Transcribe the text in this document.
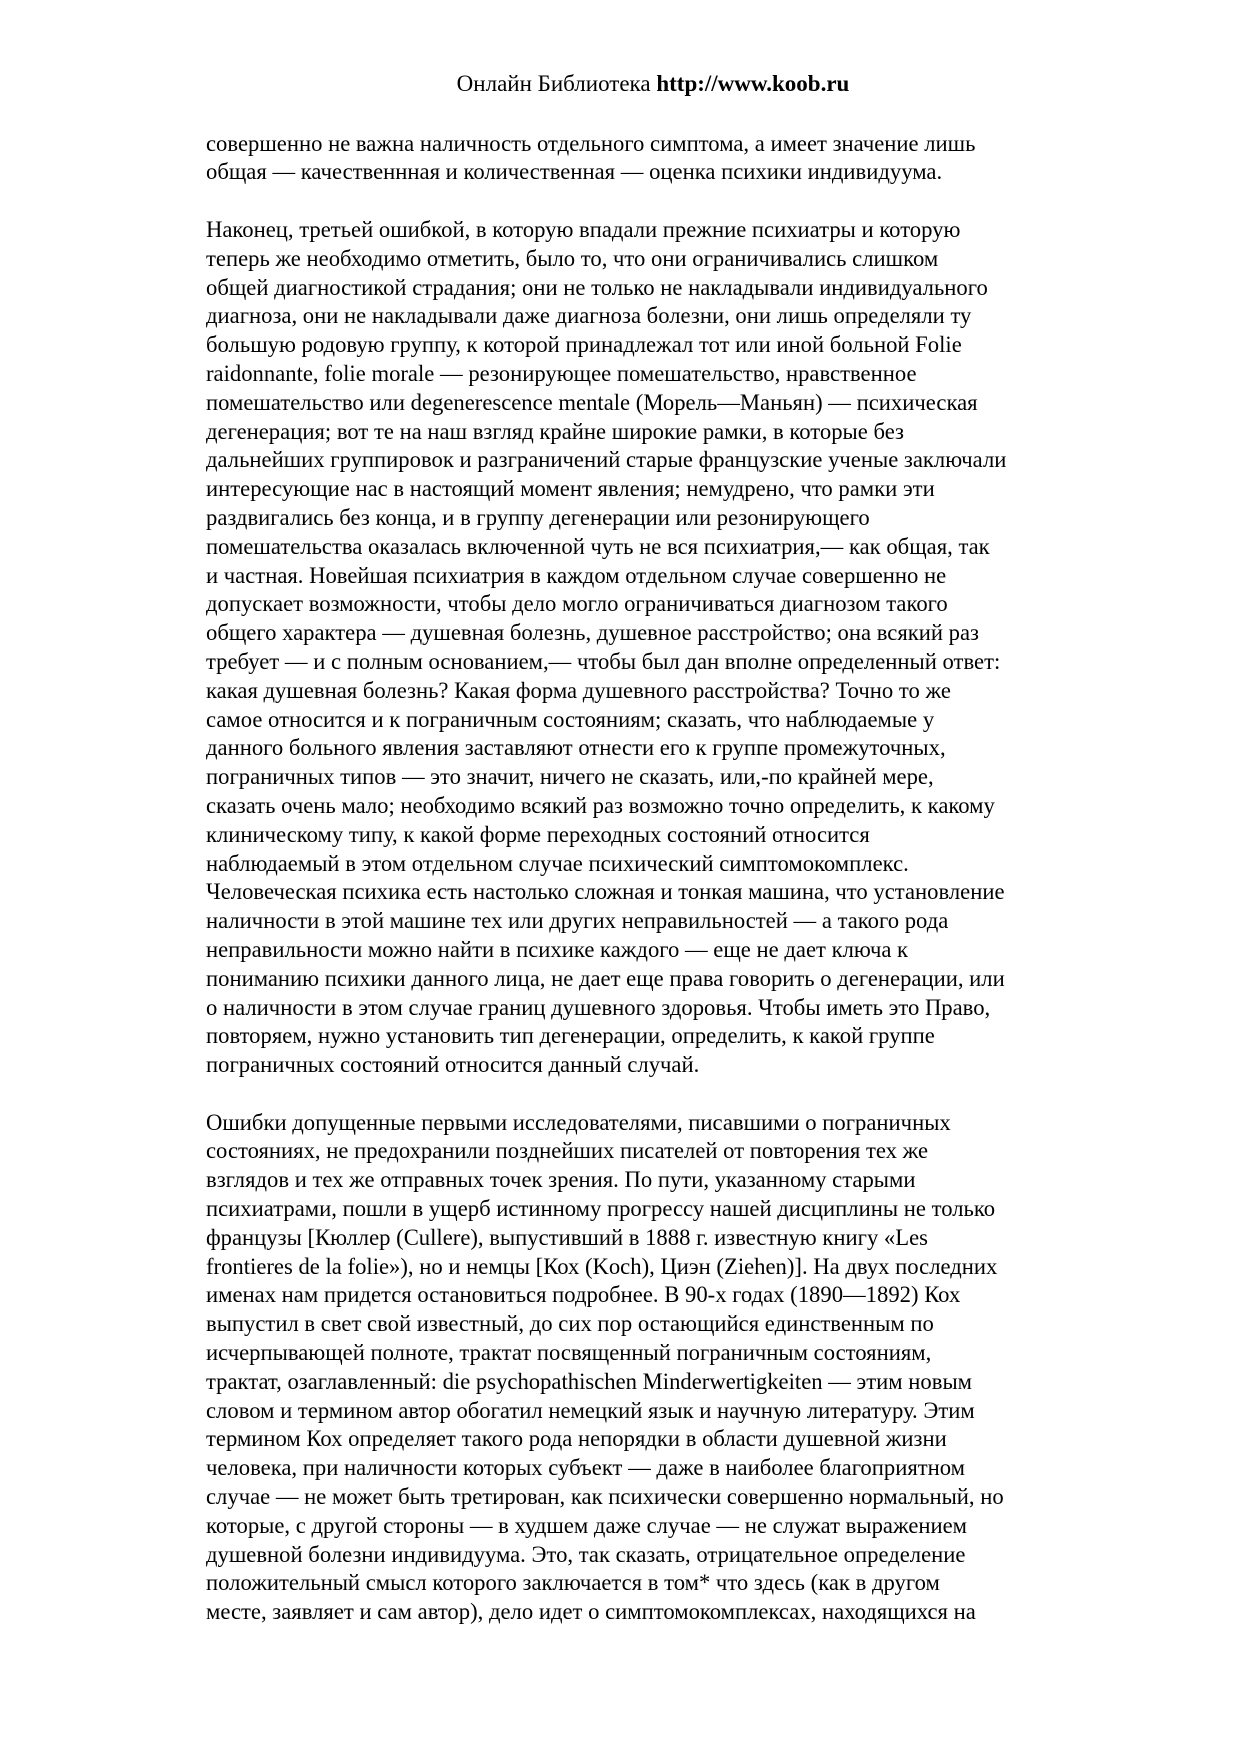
Онлайн Библиотека http://www.koob.ru
совершенно не важна наличность отдельного симптома, а имеет значение лишь
общая — качественнная и количественная — оценка психики индивидуума.
Наконец, третьей ошибкой, в которую впадали прежние психиатры и которую
теперь же необходимо отметить, было то, что они ограничивались слишком
общей диагностикой страдания; они не только не накладывали индивидуального
диагноза, они не накладывали даже диагноза болезни, они лишь определяли ту
большую родовую группу, к которой принадлежал тот или иной больной Folie
raidonnante, folie morale — резонирующее помешательство, нравственное
помешательство или degenerescence mentale (Морель—Маньян) — психическая
дегенерация; вот те на наш взгляд крайне широкие рамки, в которые без
дальнейших группировок и разграничений старые французские ученые заключали
интересующие нас в настоящий момент явления; немудрено, что рамки эти
раздвигались без конца, и в группу дегенерации или резонирующего
помешательства оказалась включенной чуть не вся психиатрия,— как общая, так
и частная. Новейшая психиатрия в каждом отдельном случае совершенно не
допускает возможности, чтобы дело могло ограничиваться диагнозом такого
общего характера — душевная болезнь, душевное расстройство; она всякий раз
требует — и с полным основанием,— чтобы был дан вполне определенный ответ:
какая душевная болезнь? Какая форма душевного расстройства? Точно то же
самое относится и к пограничным состояниям; сказать, что наблюдаемые у
данного больного явления заставляют отнести его к группе промежуточных,
пограничных типов — это значит, ничего не сказать, или,-по крайней мере,
сказать очень мало; необходимо всякий раз возможно точно определить, к какому
клиническому типу, к какой форме переходных состояний относится
наблюдаемый в этом отдельном случае психический симптомокомплекс.
Человеческая психика есть настолько сложная и тонкая машина, что установление
наличности в этой машине тех или других неправильностей — а такого рода
неправильности можно найти в психике каждого — еще не дает ключа к
пониманию психики данного лица, не дает еще права говорить о дегенерации, или
о наличности в этом случае границ душевного здоровья. Чтобы иметь это Право,
повторяем, нужно установить тип дегенерации, определить, к какой группе
пограничных состояний относится данный случай.
Ошибки допущенные первыми исследователями, писавшими о пограничных
состояниях, не предохранили позднейших писателей от повторения тех же
взглядов и тех же отправных точек зрения. По пути, указанному старыми
психиатрами, пошли в ущерб истинному прогрессу нашей дисциплины не только
французы [Кюллер (Cullere), выпустивший в 1888 г. известную книгу «Les
frontieres de la folie»), но и немцы [Кох (Koch), Циэн (Ziehen)]. На двух последних
именах нам придется остановиться подробнее. В 90-х годах (1890—1892) Кох
выпустил в свет свой известный, до сих пор остающийся единственным по
исчерпывающей полноте, трактат посвященный пограничным состояниям,
трактат, озаглавленный: die psychopathischen Minderwertigkeiten — этим новым
словом и термином автор обогатил немецкий язык и научную литературу. Этим
термином Кох определяет такого рода непорядки в области душевной жизни
человека, при наличности которых субъект — даже в наиболее благоприятном
случае — не может быть третирован, как психически совершенно нормальный, но
которые, с другой стороны — в худшем даже случае — не служат выражением
душевной болезни индивидуума. Это, так сказать, отрицательное определение
положительный смысл которого заключается в том* что здесь (как в другом
месте, заявляет и сам автор), дело идет о симптомокомплексах, находящихся на
